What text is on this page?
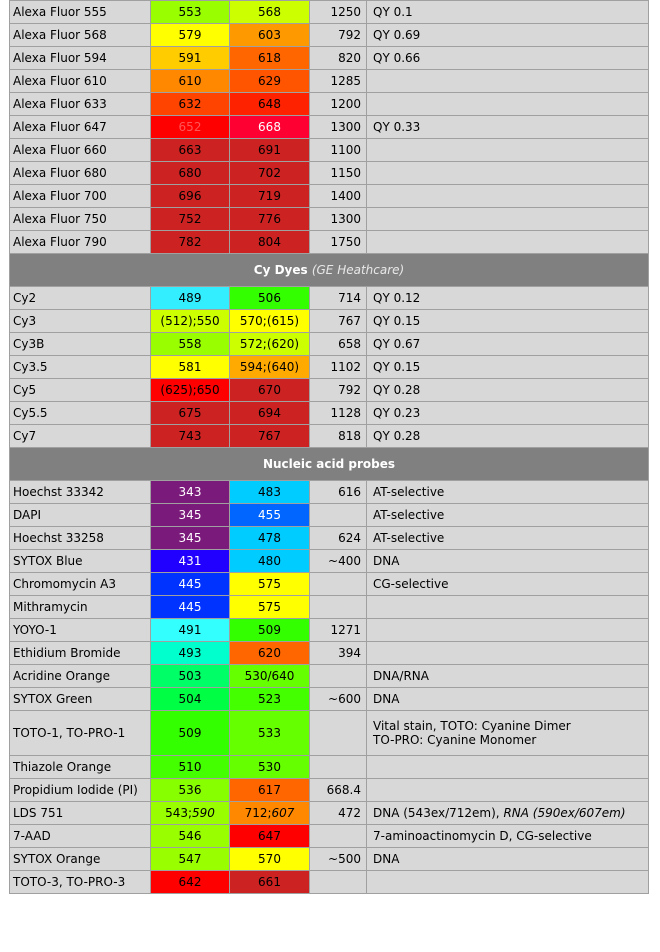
Alexa Fluor 555	553	568	1250	QY 0.1
Alexa Fluor 568	579	603	792	QY 0.69
Alexa Fluor 594	591	618	820	QY 0.66
Alexa Fluor 610	610	629	1285	
Alexa Fluor 633	632	648	1200	
Alexa Fluor 647	652	668	1300	QY 0.33
Alexa Fluor 660	663	691	1100	
Alexa Fluor 680	680	702	1150	
Alexa Fluor 700	696	719	1400	
Alexa Fluor 750	752	776	1300	
Alexa Fluor 790	782	804	1750	
Cy Dyes (GE Heathcare)				
Cy2	489	506	714	QY 0.12
Cy3	(512);550	570;(615)	767	QY 0.15
Cy3B	558	572;(620)	658	QY 0.67
Cy3.5	581	594;(640)	1102	QY 0.15
Cy5	(625);650	670	792	QY 0.28
Cy5.5	675	694	1128	QY 0.23
Cy7	743	767	818	QY 0.28
Nucleic acid probes				
Hoechst 33342	343	483	616	AT-selective
DAPI	345	455		AT-selective
Hoechst 33258	345	478	624	AT-selective
SYTOX Blue	431	480	~400	DNA
Chromomycin A3	445	575		CG-selective
Mithramycin	445	575		
YOYO-1	491	509	1271	
Ethidium Bromide	493	620	394	
Acridine Orange	503	530/640		DNA/RNA
SYTOX Green	504	523	~600	DNA
TOTO-1, TO-PRO-1	509	533		Vital stain, TOTO: Cyanine Dimer
TO-PRO: Cyanine Monomer
Thiazole Orange	510	530		
Propidium Iodide (PI)	536	617	668.4	
LDS 751	543;590	712;607	472	DNA (543ex/712em), RNA (590ex/607em)
7-AAD	546	647		7-aminoactinomycin D, CG-selective
SYTOX Orange	547	570	~500	DNA
TOTO-3, TO-PRO-3	642	661		
